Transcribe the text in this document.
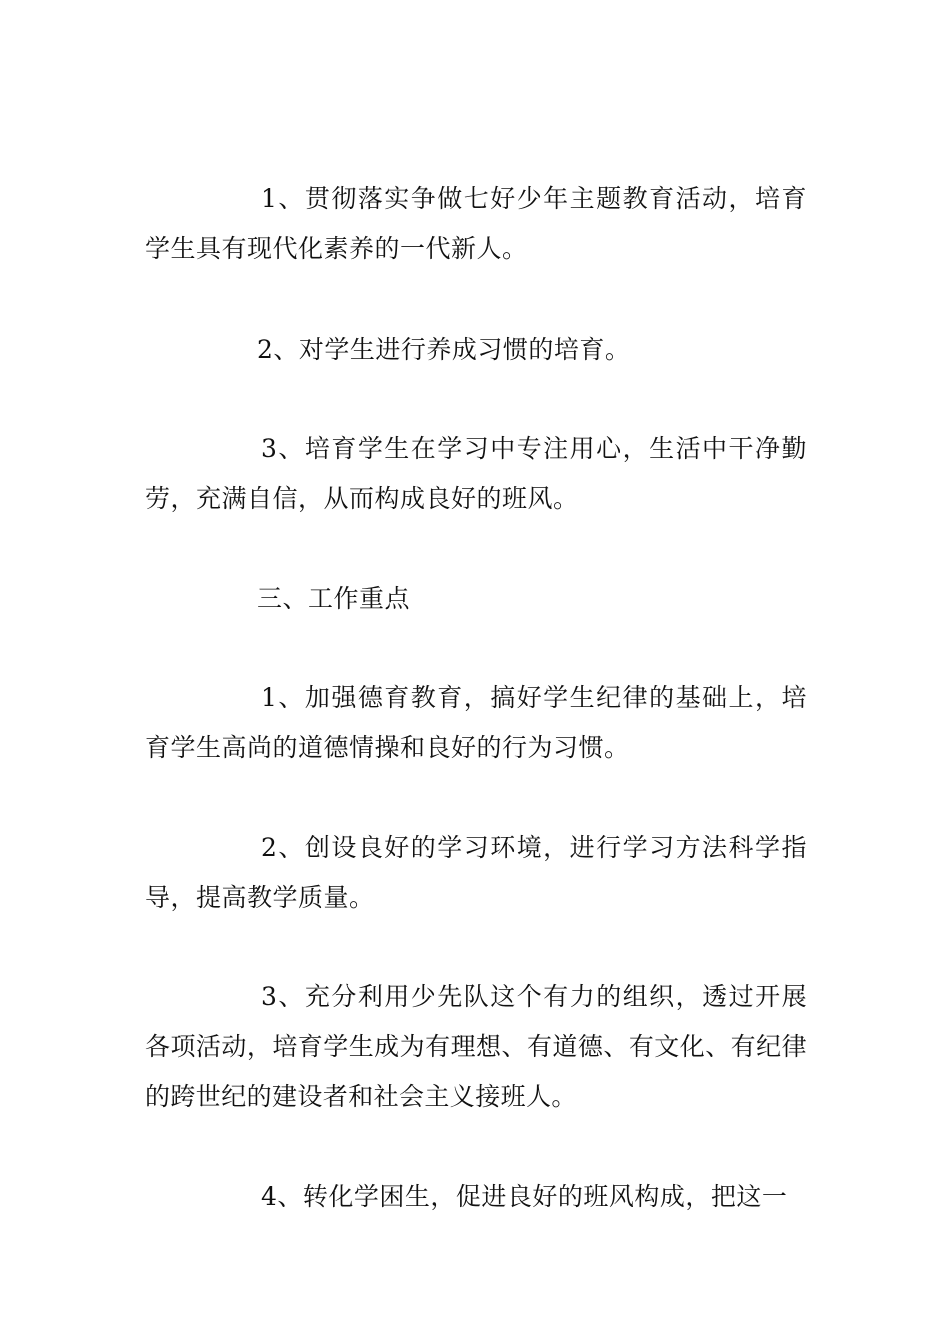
1、贯彻落实争做七好少年主题教育活动，培育学生具有现代化素养的一代新人。

2、对学生进行养成习惯的培育。

3、培育学生在学习中专注用心，生活中干净勤劳，充满自信，从而构成良好的班风。

三、工作重点

1、加强德育教育，搞好学生纪律的基础上，培育学生高尚的道德情操和良好的行为习惯。

2、创设良好的学习环境，进行学习方法科学指导，提高教学质量。

3、充分利用少先队这个有力的组织，透过开展各项活动，培育学生成为有理想、有道德、有文化、有纪律的跨世纪的建设者和社会主义接班人。

4、转化学困生，促进良好的班风构成，把这一
